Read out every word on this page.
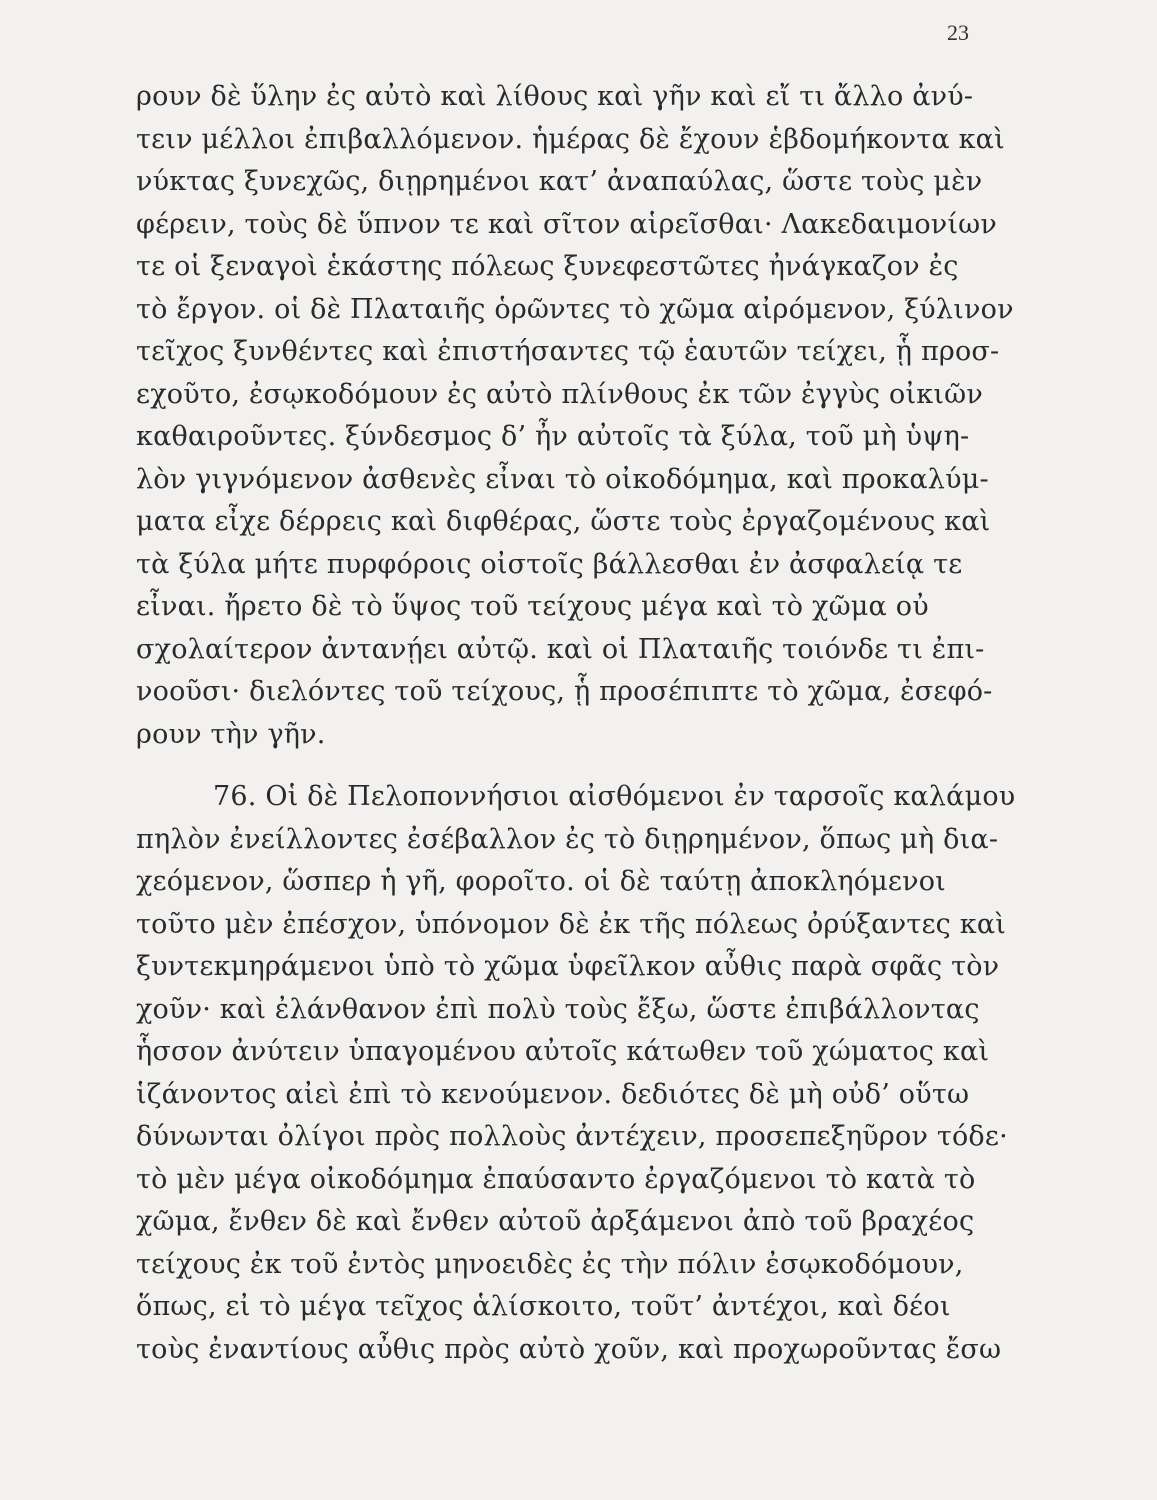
23
ρουν δὲ ὕλην ἐς αὐτὸ καὶ λίθους καὶ γῆν καὶ εἴ τι ἄλλο ἀνύ-
τειν μέλλοι ἐπιβαλλόμενον. ἡμέρας δὲ ἔχουν ἑβδομήκοντα καὶ
νύκτας ξυνεχῶς, διῃρημένοι κατ’ ἀναπαύλας, ὥστε τοὺς μὲν
φέρειν, τοὺς δὲ ὕπνον τε καὶ σῖτον αἱρεῖσθαι· Λακεδαιμονίων
τε οἱ ξεναγοὶ ἑκάστης πόλεως ξυνεφεστῶτες ἠνάγκαζον ἐς
τὸ ἔργον. οἱ δὲ Πλαταιῆς ὁρῶντες τὸ χῶμα αἰρόμενον, ξύλινον
τεῖχος ξυνθέντες καὶ ἐπιστήσαντες τῷ ἑαυτῶν τείχει, ᾗ προσ-
εχοῦτο, ἐσῳκοδόμουν ἐς αὐτὸ πλίνθους ἐκ τῶν ἐγγὺς οἰκιῶν
καθαιροῦντες. ξύνδεσμος δ’ ἦν αὐτοῖς τὰ ξύλα, τοῦ μὴ ὑψη-
λὸν γιγνόμενον ἀσθενὲς εἶναι τὸ οἰκοδόμημα, καὶ προκαλύμ-
ματα εἶχε δέρρεις καὶ διφθέρας, ὥστε τοὺς ἐργαζομένους καὶ
τὰ ξύλα μήτε πυρφόροις οἰστοῖς βάλλεσθαι ἐν ἀσφαλείᾳ τε
εἶναι. ἤρετο δὲ τὸ ὕψος τοῦ τείχους μέγα καὶ τὸ χῶμα οὐ
σχολαίτερον ἀντανῄει αὐτῷ. καὶ οἱ Πλαταιῆς τοιόνδε τι ἐπι-
νοοῦσι· διελόντες τοῦ τείχους, ᾗ προσέπιπτε τὸ χῶμα, ἐσεφό-
ρουν τὴν γῆν.
76. Οἱ δὲ Πελοποννήσιοι αἰσθόμενοι ἐν ταρσοῖς καλάμου
πηλὸν ἐνείλλοντες ἐσέβαλλον ἐς τὸ διῃρημένον, ὅπως μὴ δια-
χεόμενον, ὥσπερ ἡ γῆ, φοροῖτο. οἱ δὲ ταύτῃ ἀποκληόμενοι
τοῦτο μὲν ἐπέσχον, ὑπόνομον δὲ ἐκ τῆς πόλεως ὀρύξαντες καὶ
ξυντεκμηράμενοι ὑπὸ τὸ χῶμα ὑφεῖλκον αὖθις παρὰ σφᾶς τὸν
χοῦν· καὶ ἐλάνθανον ἐπὶ πολὺ τοὺς ἔξω, ὥστε ἐπιβάλλοντας
ἧσσον ἀνύτειν ὑπαγομένου αὐτοῖς κάτωθεν τοῦ χώματος καὶ
ἱζάνοντος αἰεὶ ἐπὶ τὸ κενούμενον. δεδιότες δὲ μὴ οὐδ’ οὕτω
δύνωνται ὀλίγοι πρὸς πολλοὺς ἀντέχειν, προσεπεξηῦρον τόδε·
τὸ μὲν μέγα οἰκοδόμημα ἐπαύσαντο ἐργαζόμενοι τὸ κατὰ τὸ
χῶμα, ἔνθεν δὲ καὶ ἔνθεν αὐτοῦ ἀρξάμενοι ἀπὸ τοῦ βραχέος
τείχους ἐκ τοῦ ἐντὸς μηνοειδὲς ἐς τὴν πόλιν ἐσῳκοδόμουν,
ὅπως, εἰ τὸ μέγα τεῖχος ἁλίσκοιτο, τοῦτ’ ἀντέχοι, καὶ δέοι
τοὺς ἐναντίους αὖθις πρὸς αὐτὸ χοῦν, καὶ προχωροῦντας ἔσω
